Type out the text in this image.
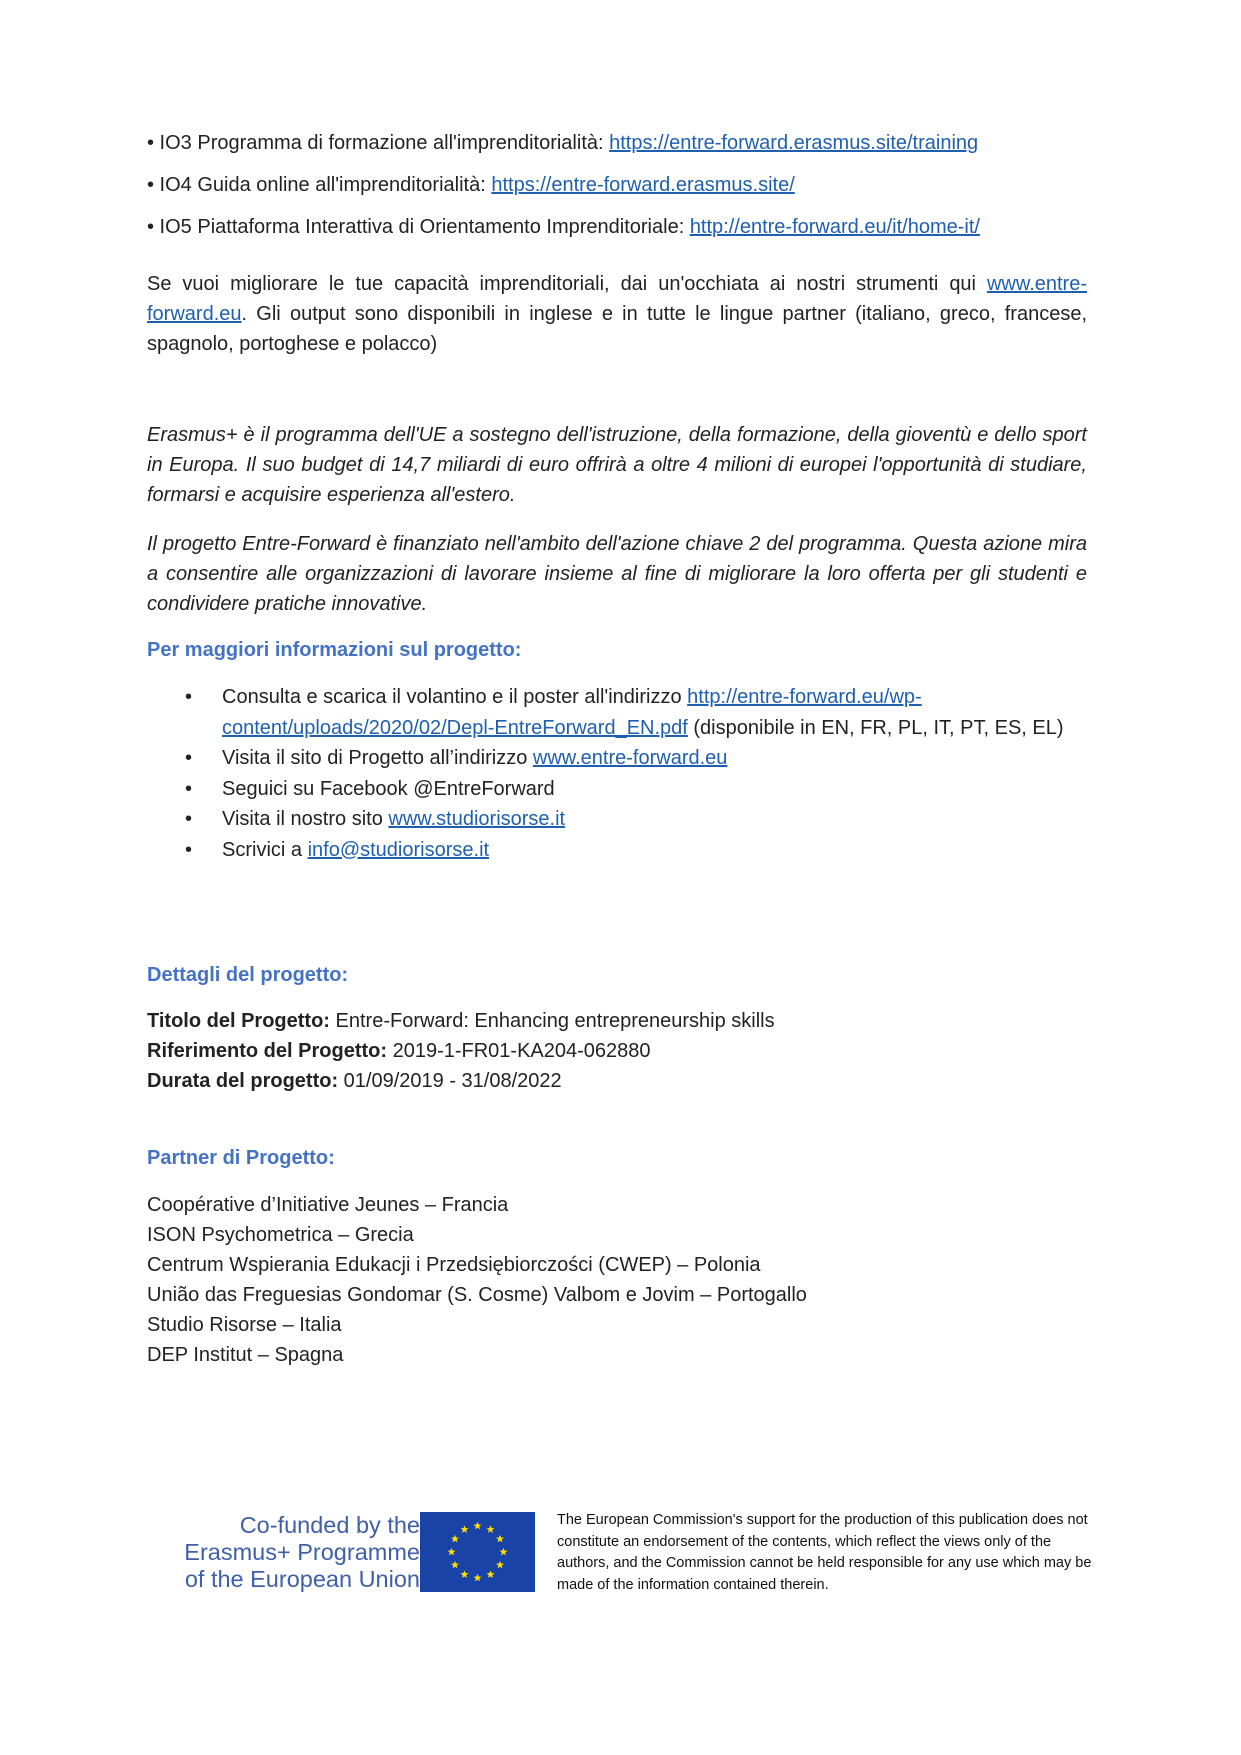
• IO3 Programma di formazione all'imprenditorialità: https://entre-forward.erasmus.site/training
• IO4 Guida online all'imprenditorialità: https://entre-forward.erasmus.site/
• IO5 Piattaforma Interattiva di Orientamento Imprenditoriale: http://entre-forward.eu/it/home-it/
Se vuoi migliorare le tue capacità imprenditoriali, dai un'occhiata ai nostri strumenti qui www.entre-forward.eu. Gli output sono disponibili in inglese e in tutte le lingue partner (italiano, greco, francese, spagnolo, portoghese e polacco)
Erasmus+ è il programma dell'UE a sostegno dell'istruzione, della formazione, della gioventù e dello sport in Europa. Il suo budget di 14,7 miliardi di euro offrirà a oltre 4 milioni di europei l'opportunità di studiare, formarsi e acquisire esperienza all'estero.
Il progetto Entre-Forward è finanziato nell'ambito dell'azione chiave 2 del programma. Questa azione mira a consentire alle organizzazioni di lavorare insieme al fine di migliorare la loro offerta per gli studenti e condividere pratiche innovative.
Per maggiori informazioni sul progetto:
• Consulta e scarica il volantino e il poster all'indirizzo http://entre-forward.eu/wp-content/uploads/2020/02/Depl-EntreForward_EN.pdf (disponibile in EN, FR, PL, IT, PT, ES, EL)
• Visita il sito di Progetto all’indirizzo www.entre-forward.eu
• Seguici su Facebook @EntreForward
• Visita il nostro sito www.studiorisorse.it
• Scrivici a info@studiorisorse.it
Dettagli del progetto:
Titolo del Progetto: Entre-Forward: Enhancing entrepreneurship skills
Riferimento del Progetto: 2019-1-FR01-KA204-062880
Durata del progetto: 01/09/2019 - 31/08/2022
Partner di Progetto:
Coopérative d’Initiative Jeunes – Francia
ISON Psychometrica – Grecia
Centrum Wspierania Edukacji i Przedsiębiorczości (CWEP) – Polonia
União das Freguesias Gondomar (S. Cosme) Valbom e Jovim – Portogallo
Studio Risorse – Italia
DEP Institut – Spagna
Co-funded by the
Erasmus+ Programme
of the European Union
The European Commission's support for the production of this publication does not constitute an endorsement of the contents, which reflect the views only of the authors, and the Commission cannot be held responsible for any use which may be made of the information contained therein.
